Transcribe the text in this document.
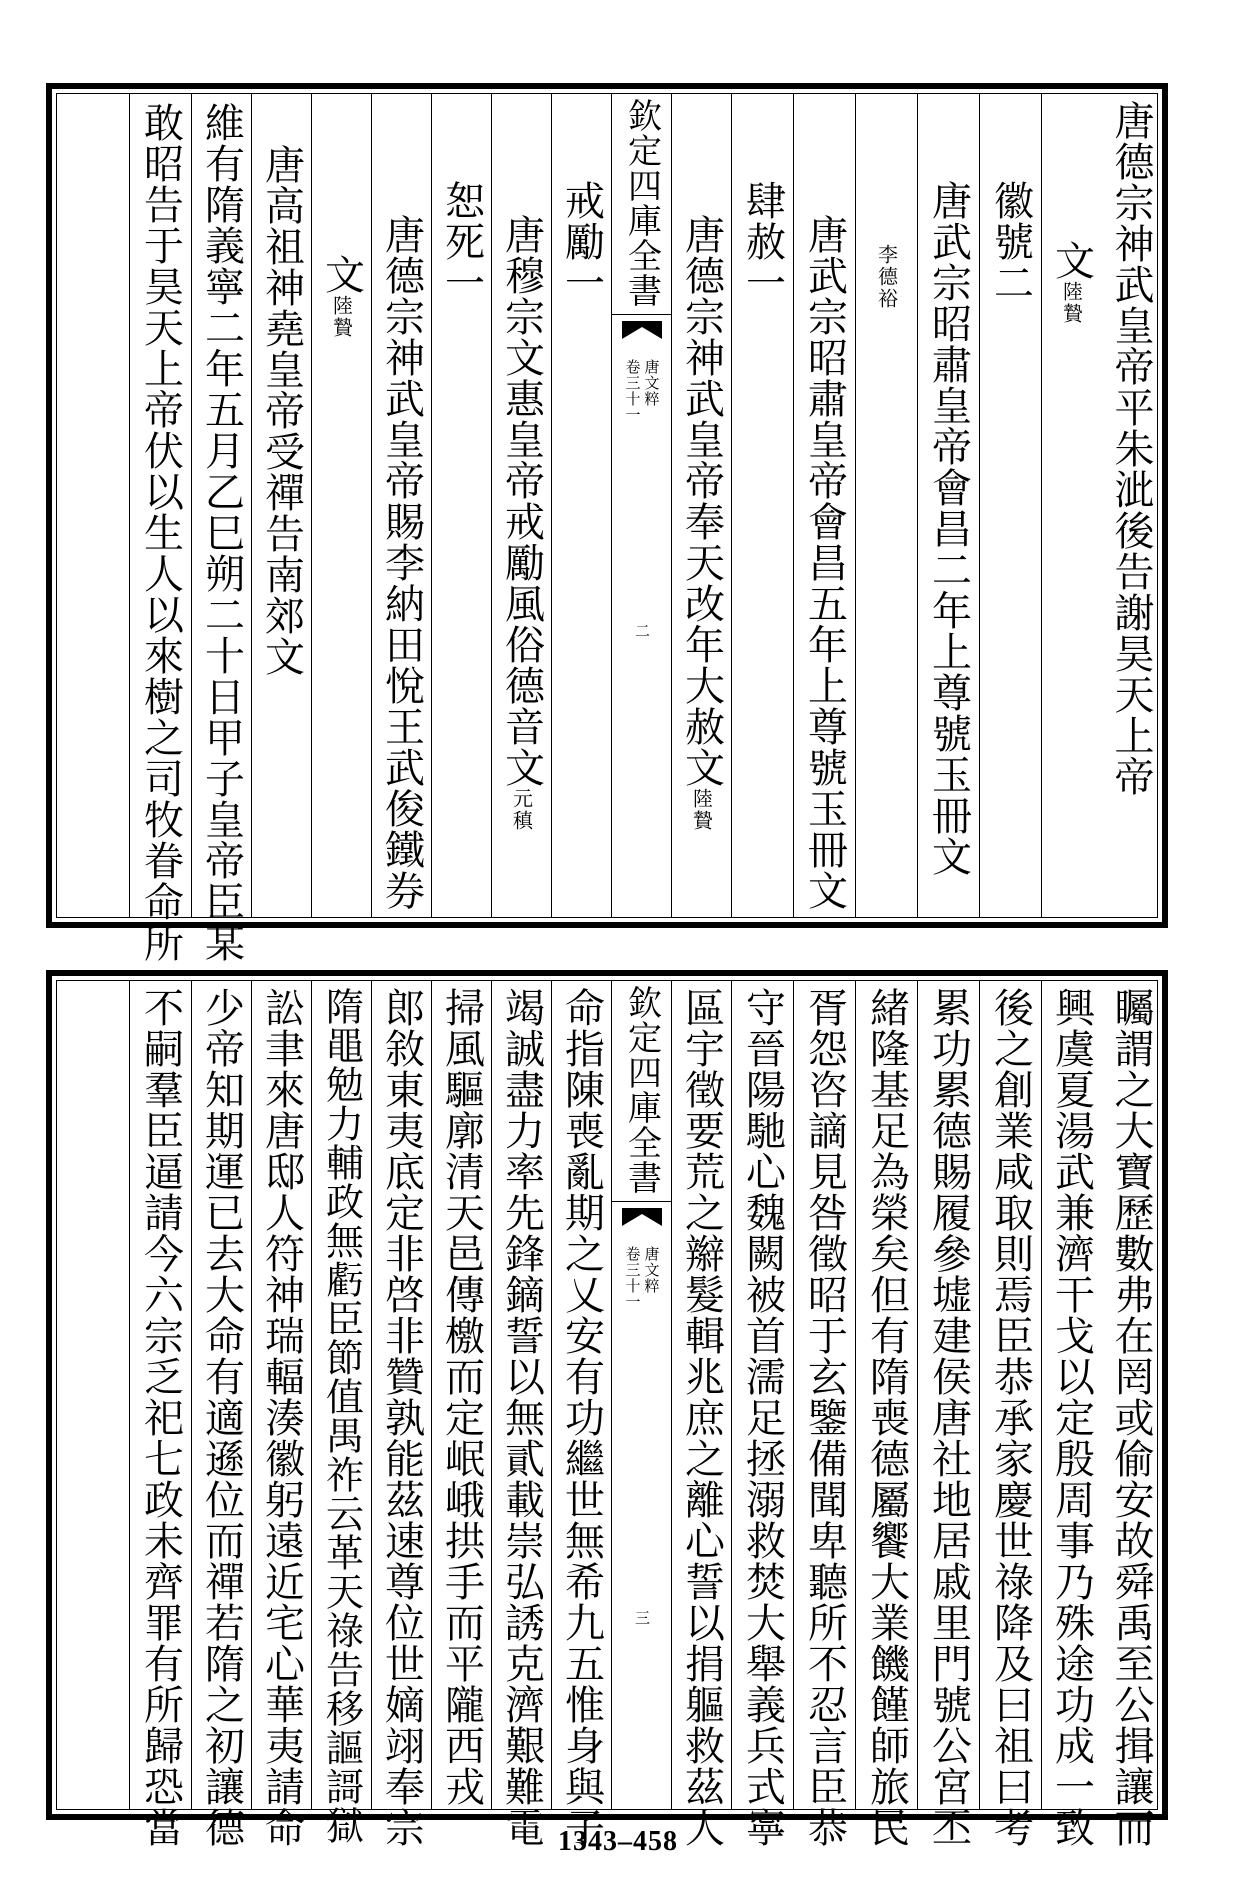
唐德宗神武皇帝平朱泚後告謝昊天上帝
文
陸贄
徽號二
唐武宗昭肅皇帝會昌二年上尊號玉冊文
李德裕
唐武宗昭肅皇帝會昌五年上尊號玉冊文
肆赦一
唐德宗神武皇帝奉天改年大赦文
陸贄
欽定四庫全書
唐文粹
卷三十一
二
戒勵一
唐穆宗文惠皇帝戒勵風俗德音文
元稹
恕死一
唐德宗神武皇帝賜李納田悅王武俊鐵券
文
陸贄
唐高祖神堯皇帝受禪告南郊文
維有隋義寧二年五月乙巳朔二十日甲子皇帝臣某
敢昭告于昊天上帝伏以生人以來樹之司牧眷命所
矚謂之大寶歷數弗在罔或偷安故舜禹至公揖讓而
興虞夏湯武兼濟干戈以定殷周事乃殊途功成一致
後之創業咸取則焉臣恭承家慶世祿降及曰祖曰考
累功累德賜履參墟建侯唐社地居戚里門號公宮丕
緒隆基足為榮矣但有隋喪德屬饗大業饑饉師旅民
胥怨咨謫見咎徵昭于玄鑒備聞卑聽所不忍言臣恭
守晉陽馳心魏闕被首濡足拯溺救焚大舉義兵式寧
區宇徵要荒之辮髮輯兆庶之離心誓以捐軀救茲人
欽定四庫全書
唐文粹
卷三十一
三
命指陳喪亂期之乂安有功繼世無希九五惟身與子
竭誠盡力率先鋒鏑誓以無貳載崇弘誘克濟艱難電
掃風驅廓清天邑傳檄而定岷峨拱手而平隴西戎
郎敘東夷底定非啓非贊孰能茲速尊位世嫡翊奉宗
隋黽勉力輔政無虧臣節值禺祚云革天祿告移謳謌獄
訟聿來唐邸人符神瑞輻湊徽躬遠近宅心華夷請命
少帝知期運已去大命有適遜位而禪若隋之初讓德
不嗣羣臣逼請今六宗乏祀七政未齊罪有所歸恐當	1343–458
